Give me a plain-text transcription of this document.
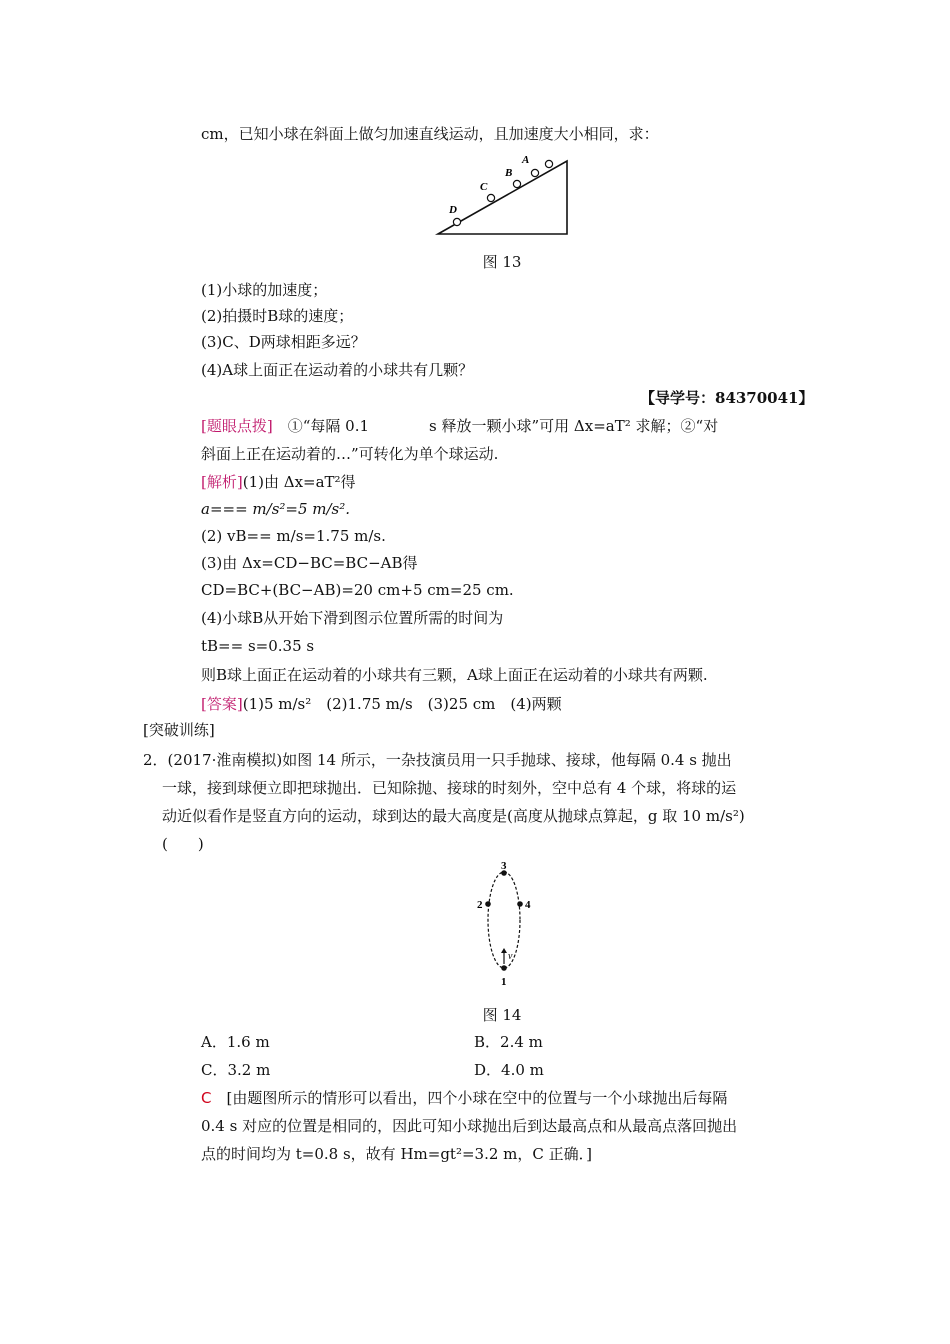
cm，已知小球在斜面上做匀加速直线运动，且加速度大小相同，求：
A
B
C
D
图 13
(1)小球的加速度；
(2)拍摄时B球的速度；
(3)C、D两球相距多远？
(4)A球上面正在运动着的小球共有几颗？
【导学号：84370041】
[题眼点拨]　 ①“每隔 0.1　　　　s 释放一颗小球”可用 Δx=aT² 求解；②“对
斜面上正在运动着的…”可转化为单个球运动.
[解析](1)由 Δx=aT²得
a=== m/s²=5 m/s².
(2) vB== m/s=1.75 m/s.
(3)由 Δx=CD−BC=BC−AB得
CD=BC+(BC−AB)=20 cm+5 cm=25 cm.
(4)小球B从开始下滑到图示位置所需的时间为
tB== s=0.35 s
则B球上面正在运动着的小球共有三颗，A球上面正在运动着的小球共有两颗.
[答案](1)5 m/s²　(2)1.75 m/s　(3)25 cm　(4)两颗
[突破训练]
2．(2017·淮南模拟)如图 14 所示，一杂技演员用一只手抛球、接球，他每隔 0.4 s 抛出
一球，接到球便立即把球抛出．已知除抛、接球的时刻外，空中总有 4 个球，将球的运
动近似看作是竖直方向的运动，球到达的最大高度是(高度从抛球点算起，g 取 10 m/s²)
(　　)
1
2
3
4
v
图 14
A．1.6 m	B．2.4 m
C．3.2 m	D．4.0 m
C　 [由题图所示的情形可以看出，四个小球在空中的位置与一个小球抛出后每隔
0.4 s 对应的位置是相同的，因此可知小球抛出后到达最高点和从最高点落回抛出
点的时间均为 t=0.8 s，故有 Hm=gt²=3.2 m，C 正确．]
